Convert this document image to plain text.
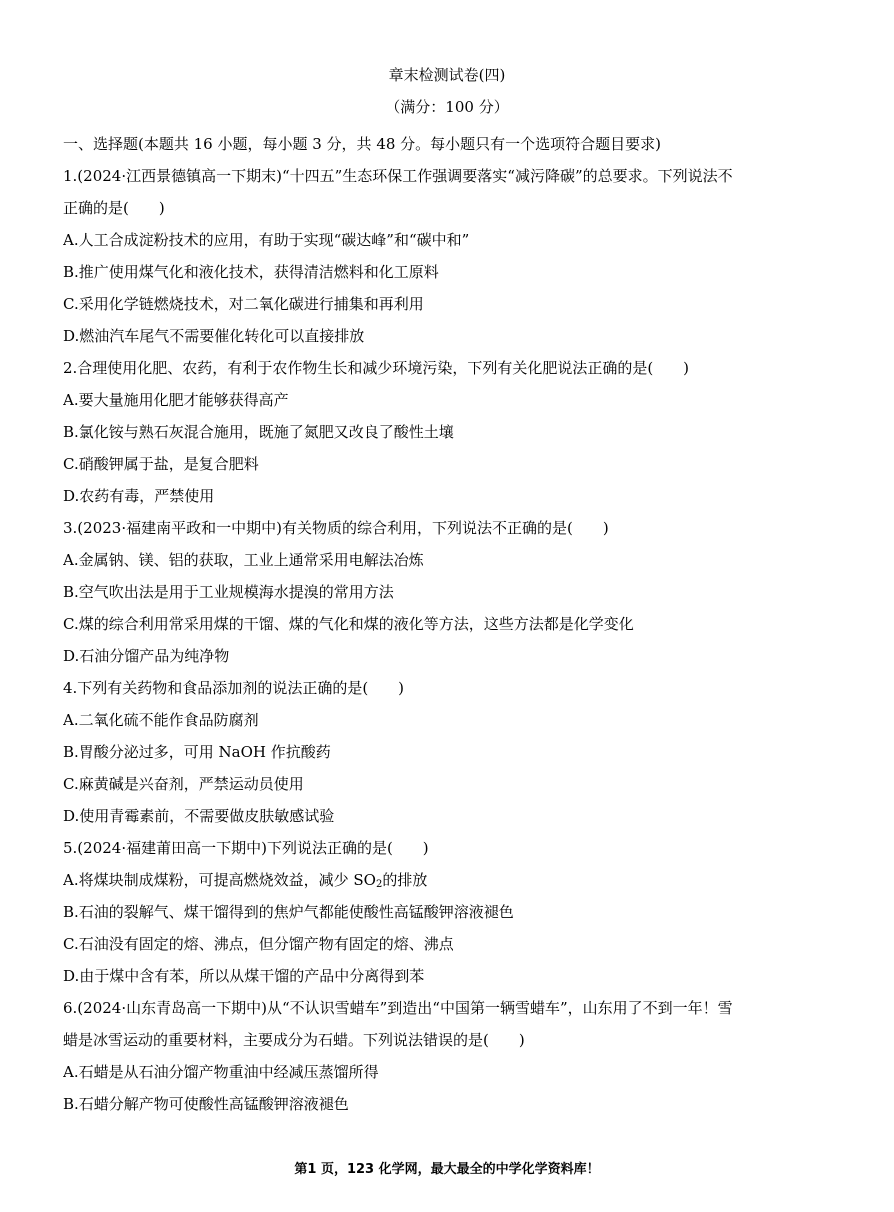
章末检测试卷(四)
（满分：100 分）
一、选择题(本题共 16 小题，每小题 3 分，共 48 分。每小题只有一个选项符合题目要求)
1.(2024·江西景德镇高一下期末)“十四五”生态环保工作强调要落实“减污降碳”的总要求。下列说法不
正确的是(　　)
A.人工合成淀粉技术的应用，有助于实现“碳达峰”和“碳中和”
B.推广使用煤气化和液化技术，获得清洁燃料和化工原料
C.采用化学链燃烧技术，对二氧化碳进行捕集和再利用
D.燃油汽车尾气不需要催化转化可以直接排放
2.合理使用化肥、农药，有利于农作物生长和减少环境污染，下列有关化肥说法正确的是(　　)
A.要大量施用化肥才能够获得高产
B.氯化铵与熟石灰混合施用，既施了氮肥又改良了酸性土壤
C.硝酸钾属于盐，是复合肥料
D.农药有毒，严禁使用
3.(2023·福建南平政和一中期中)有关物质的综合利用，下列说法不正确的是(　　)
A.金属钠、镁、铝的获取，工业上通常采用电解法冶炼
B.空气吹出法是用于工业规模海水提溴的常用方法
C.煤的综合利用常采用煤的干馏、煤的气化和煤的液化等方法，这些方法都是化学变化
D.石油分馏产品为纯净物
4.下列有关药物和食品添加剂的说法正确的是(　　)
A.二氧化硫不能作食品防腐剂
B.胃酸分泌过多，可用 NaOH 作抗酸药
C.麻黄碱是兴奋剂，严禁运动员使用
D.使用青霉素前，不需要做皮肤敏感试验
5.(2024·福建莆田高一下期中)下列说法正确的是(　　)
A.将煤块制成煤粉，可提高燃烧效益，减少 $SO_2$的排放
B.石油的裂解气、煤干馏得到的焦炉气都能使酸性高锰酸钾溶液褪色
C.石油没有固定的熔、沸点，但分馏产物有固定的熔、沸点
D.由于煤中含有苯，所以从煤干馏的产品中分离得到苯
6.(2024·山东青岛高一下期中)从“不认识雪蜡车”到造出“中国第一辆雪蜡车”，山东用了不到一年！雪
蜡是冰雪运动的重要材料，主要成分为石蜡。下列说法错误的是(　　)
A.石蜡是从石油分馏产物重油中经减压蒸馏所得
B.石蜡分解产物可使酸性高锰酸钾溶液褪色
第1 页，123 化学网，最大最全的中学化学资料库！
